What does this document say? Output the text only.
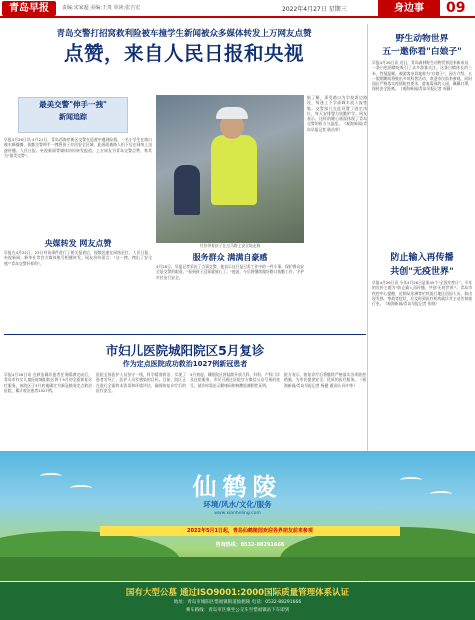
青岛早报	责编:宋家超 美编:王贵 审读:张吉宏	2022年4月27日 星期三	身边事	09
青岛交警打招窝救利险被车撞学生新闻被众多媒体转发上万网友点赞
点赞，来自人民日报和央视
最美交警"伸手一拽"
新闻追踪
早报4月26日讯 4月21日，青岛西海岸新区交警在巡逻中遇到险情，一名小学生在路口被车辆撞擦，执勤交警伸手一拽将孩子拉回安全区域，此画面被路人拍下后在网络上迅速传播。人民日报、央视新闻等媒体纷纷转发报道，上万网友为青岛交警点赞，称其为"最美交警"。
央媒转发 网友点赞
早报在4月22日、23日对该事件进行了相关报道后，视频迅速在网络走红，人民日报、央视新闻、新华社等官方媒体账号相继转发。网友纷纷留言："这一拽，拽出了安全感""青岛交警好样的"。
付晋带着孩子在过马路上安全地走路
服务群众 满满自豪感
4月26日，早报记者采访了当事交警。他表示这只是日常工作中的一件小事，保护群众安全是交警的职责。"看到孩子没事就放心了。"他说，今后将继续做好路口执勤工作，守护市民出行安全。
据了解，事发路口为学校周边路段，每逢上下学高峰车流人流密集。交警部门在此设置了固定岗位，每天安排警力执勤护学。网友表示，这样的暖心画面体现了青岛交警的担当与温度。（观海新闻/青岛早报记者 耿昌荣）
野生动物世界
五一邀你看"白娘子"
早报4月26日讯 近日，青岛森林野生动物世界迎来新成员，一条白色的蟒蛇吸引了众多游客关注。这条白蟒体长约三米，性情温顺，被游客亲切地称为"白娘子"。园方介绍，五一假期期间将推出多项科普活动，欢迎市民前来参观。同时园区严格落实疫情防控要求，游客需预约入园，佩戴口罩，保持安全距离。（观海新闻/青岛早报记者 周静）
防止输入再传播
共创"无疫世界"
早报4月26日讯 今年4月26日是第45个"全国疟疾日"，今年的宣传主题为"防止输入再传播，共创'无疫世界'"。青岛市疾控中心提醒，近期从非洲等疟疾流行地区回国人员，如出现发热、寒战等症状，应及时到医疗机构就诊并主动告知旅行史。（观海新闻/青岛早报记者 张晓）
市妇儿医院城阳院区5月复诊
作为定点医院成功救治1027例新冠患者
早报4月26日讯 在救治确诊患者任务圆满完成后，青岛市妇女儿童医院城阳院区将于5月初全面恢复诊疗服务。该院区于3月底被确定为新冠肺炎定点救治医院，累计收治患者1027例。
医院全体医护人员坚守一线，科学精准救治，实现了患者零死亡、医护人员零感染的目标。目前，院区正在进行全面终末消毒和环境评估，确保恢复诊疗后的医疗安全。
5月初起，城阳院区将陆续开放儿科、妇科、产科门诊及住院服务，市民可通过医院官方微信公众号预约挂号，就诊时需出示健康码和核酸检测阴性证明。
院方表示，恢复诊疗后将继续严格落实各项防控措施，为市民提供安全、优质的医疗服务。（观海新闻/青岛早报记者 杨健 通讯员 孙中华）
仙鹤陵
环境/风水/文化/服务
www.xianheling.com
2022年5月1日起，青岛仙鹤陵园欢迎各界朋友前来参观
咨询热线：0532-88291666
国有大型公墓 通过ISO9001:2000国际质量管理体系认证
地址：青岛市城阳区惜福镇街道仙鹤陵 电话：0532-88291666
乘车路线：青岛市区乘坐公交车至惜福镇站下车即到
